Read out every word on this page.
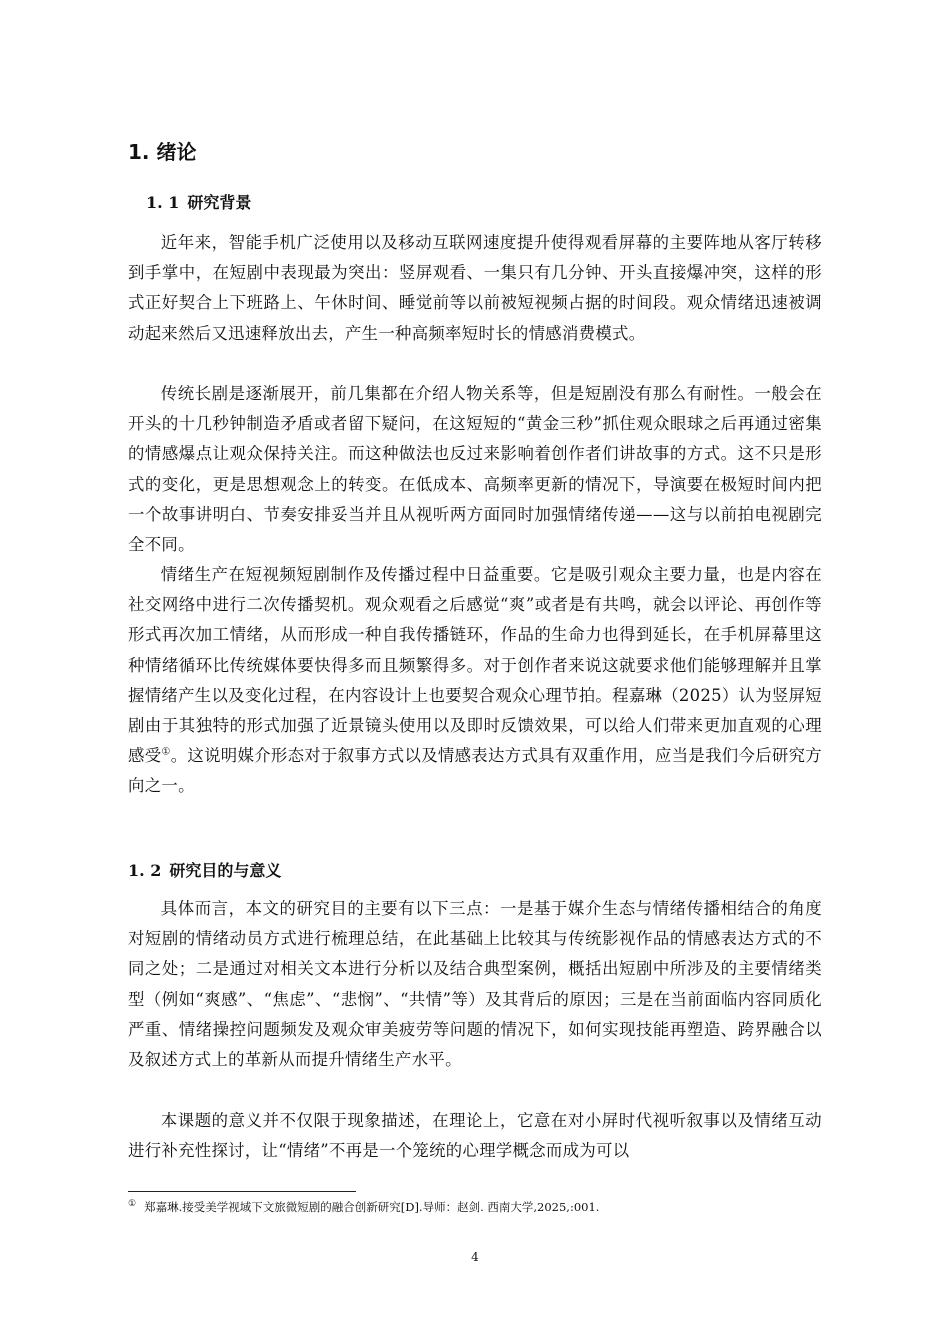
1. 绪论
1. 1 研究背景

近年来，智能手机广泛使用以及移动互联网速度提升使得观看屏幕的主要阵地从客厅转移到手掌中，在短剧中表现最为突出：竖屏观看、一集只有几分钟、开头直接爆冲突，这样的形式正好契合上下班路上、午休时间、睡觉前等以前被短视频占据的时间段。观众情绪迅速被调动起来然后又迅速释放出去，产生一种高频率短时长的情感消费模式。

传统长剧是逐渐展开，前几集都在介绍人物关系等，但是短剧没有那么有耐性。一般会在开头的十几秒钟制造矛盾或者留下疑问，在这短短的“黄金三秒”抓住观众眼球之后再通过密集的情感爆点让观众保持关注。而这种做法也反过来影响着创作者们讲故事的方式。这不只是形式的变化，更是思想观念上的转变。在低成本、高频率更新的情况下，导演要在极短时间内把一个故事讲明白、节奏安排妥当并且从视听两方面同时加强情绪传递——这与以前拍电视剧完全不同。

情绪生产在短视频短剧制作及传播过程中日益重要。它是吸引观众主要力量，也是内容在社交网络中进行二次传播契机。观众观看之后感觉“爽”或者是有共鸣，就会以评论、再创作等形式再次加工情绪，从而形成一种自我传播链环，作品的生命力也得到延长，在手机屏幕里这种情绪循环比传统媒体要快得多而且频繁得多。对于创作者来说这就要求他们能够理解并且掌握情绪产生以及变化过程，在内容设计上也要契合观众心理节拍。程嘉琳（2025）认为竖屏短剧由于其独特的形式加强了近景镜头使用以及即时反馈效果，可以给人们带来更加直观的心理感受①。这说明媒介形态对于叙事方式以及情感表达方式具有双重作用，应当是我们今后研究方向之一。

1. 2 研究目的与意义

具体而言，本文的研究目的主要有以下三点：一是基于媒介生态与情绪传播相结合的角度对短剧的情绪动员方式进行梳理总结，在此基础上比较其与传统影视作品的情感表达方式的不同之处；二是通过对相关文本进行分析以及结合典型案例，概括出短剧中所涉及的主要情绪类型（例如“爽感”、“焦虑”、“悲悯”、“共情”等）及其背后的原因；三是在当前面临内容同质化严重、情绪操控问题频发及观众审美疲劳等问题的情况下，如何实现技能再塑造、跨界融合以及叙述方式上的革新从而提升情绪生产水平。

本课题的意义并不仅限于现象描述，在理论上，它意在对小屏时代视听叙事以及情绪互动进行补充性探讨，让“情绪”不再是一个笼统的心理学概念而成为可以

① 郑嘉琳.接受美学视域下文旅微短剧的融合创新研究[D].导师：赵剑. 西南大学,2025,:001.

4
